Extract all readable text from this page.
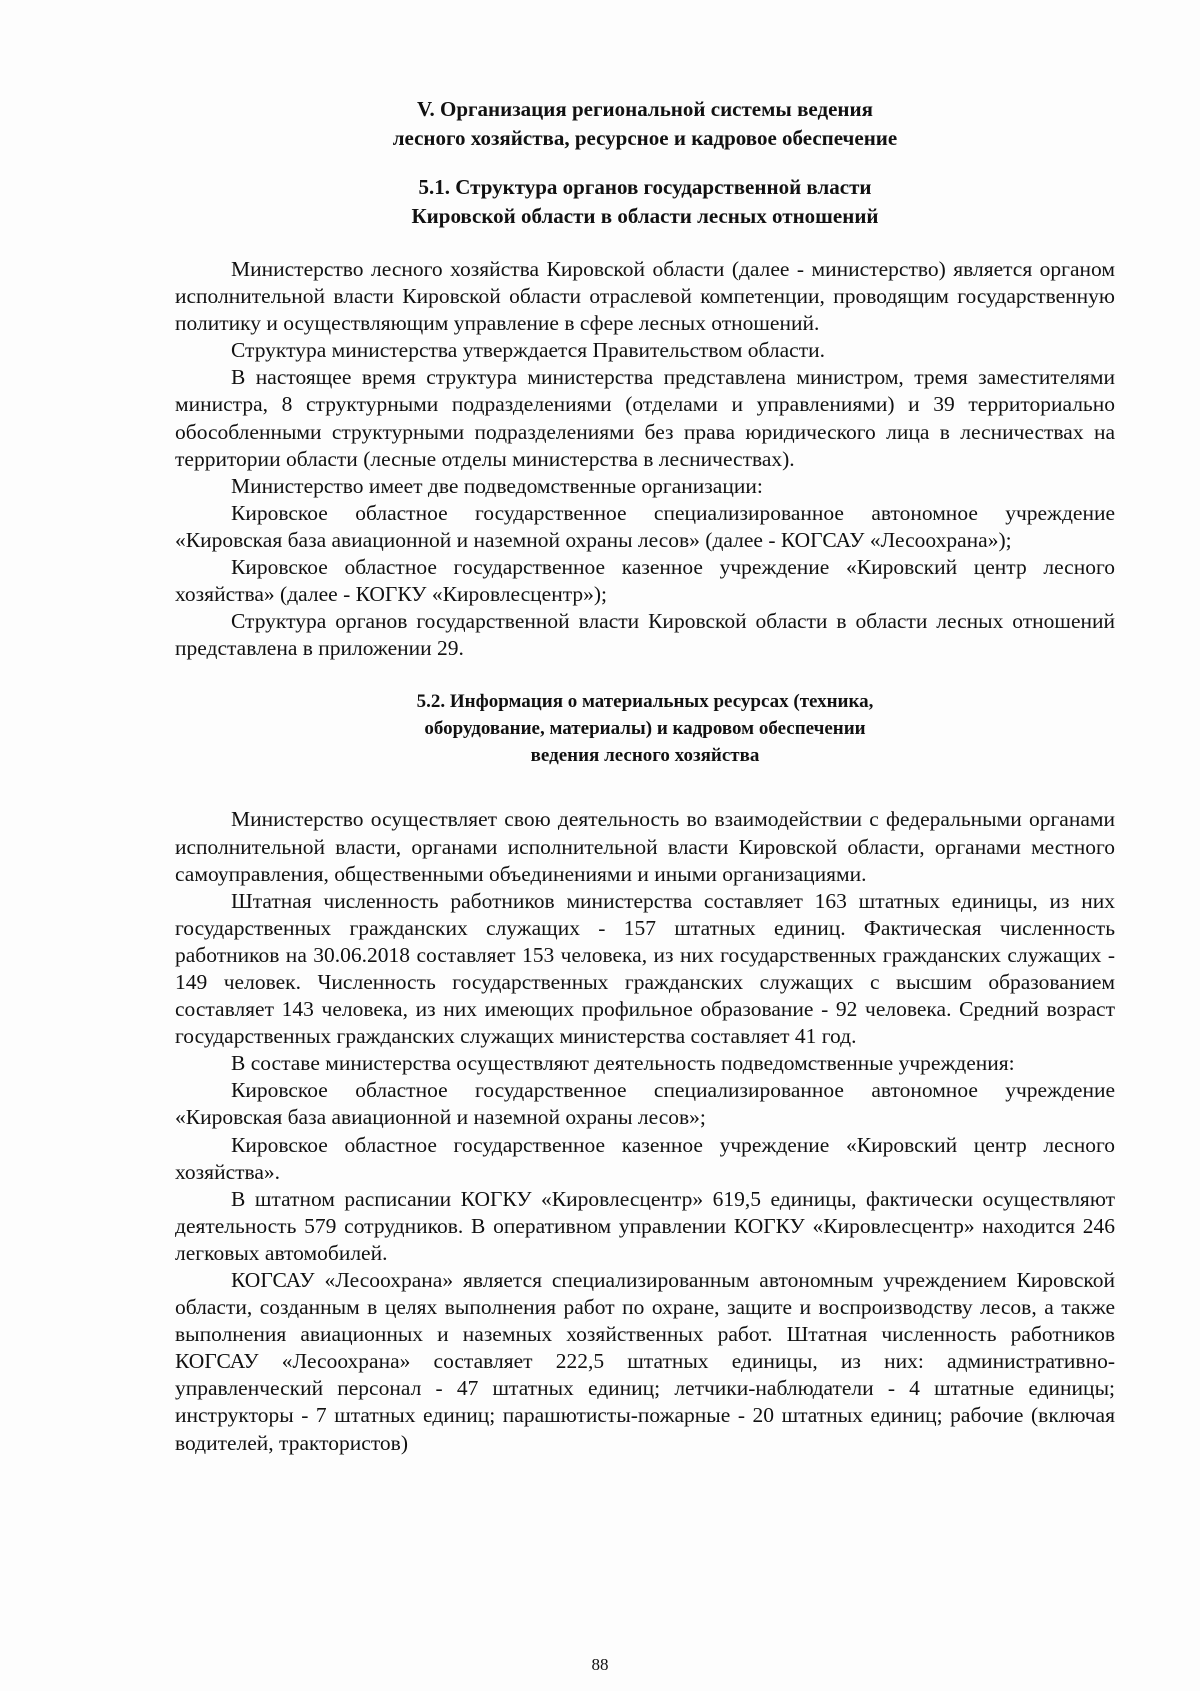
V. Организация региональной системы ведения
лесного хозяйства, ресурсное и кадровое обеспечение
5.1. Структура органов государственной власти
Кировской области в области лесных отношений

Министерство лесного хозяйства Кировской области (далее - министерство) является органом исполнительной власти Кировской области отраслевой компетенции, проводящим государственную политику и осуществляющим управление в сфере лесных отношений.

Структура министерства утверждается Правительством области.

В настоящее время структура министерства представлена министром, тремя заместителями министра, 8 структурными подразделениями (отделами и управлениями) и 39 территориально обособленными структурными подразделениями без права юридического лица в лесничествах на территории области (лесные отделы министерства в лесничествах).

Министерство имеет две подведомственные организации:

Кировское областное государственное специализированное автономное учреждение «Кировская база авиационной и наземной охраны лесов» (далее - КОГСАУ «Лесоохрана»);

Кировское областное государственное казенное учреждение «Кировский центр лесного хозяйства» (далее - КОГКУ «Кировлесцентр»);

Структура органов государственной власти Кировской области в области лесных отношений представлена в приложении 29.

5.2. Информация о материальных ресурсах (техника,
оборудование, материалы) и кадровом обеспечении
ведения лесного хозяйства

Министерство осуществляет свою деятельность во взаимодействии с федеральными органами исполнительной власти, органами исполнительной власти Кировской области, органами местного самоуправления, общественными объединениями и иными организациями.

Штатная численность работников министерства составляет 163 штатных единицы, из них государственных гражданских служащих - 157 штатных единиц. Фактическая численность работников на 30.06.2018 составляет 153 человека, из них государственных гражданских служащих - 149 человек. Численность государственных гражданских служащих с высшим образованием составляет 143 человека, из них имеющих профильное образование - 92 человека. Средний возраст государственных гражданских служащих министерства составляет 41 год.

В составе министерства осуществляют деятельность подведомственные учреждения:

Кировское областное государственное специализированное автономное учреждение «Кировская база авиационной и наземной охраны лесов»;

Кировское областное государственное казенное учреждение «Кировский центр лесного хозяйства».

В штатном расписании КОГКУ «Кировлесцентр» 619,5 единицы, фактически осуществляют деятельность 579 сотрудников. В оперативном управлении КОГКУ «Кировлесцентр» находится 246 легковых автомобилей.

КОГСАУ «Лесоохрана» является специализированным автономным учреждением Кировской области, созданным в целях выполнения работ по охране, защите и воспроизводству лесов, а также выполнения авиационных и наземных хозяйственных работ. Штатная численность работников КОГСАУ «Лесоохрана» составляет 222,5 штатных единицы, из них: административно-управленческий персонал - 47 штатных единиц; летчики-наблюдатели - 4 штатные единицы; инструкторы - 7 штатных единиц; парашютисты-пожарные - 20 штатных единиц; рабочие (включая водителей, трактористов)

88
